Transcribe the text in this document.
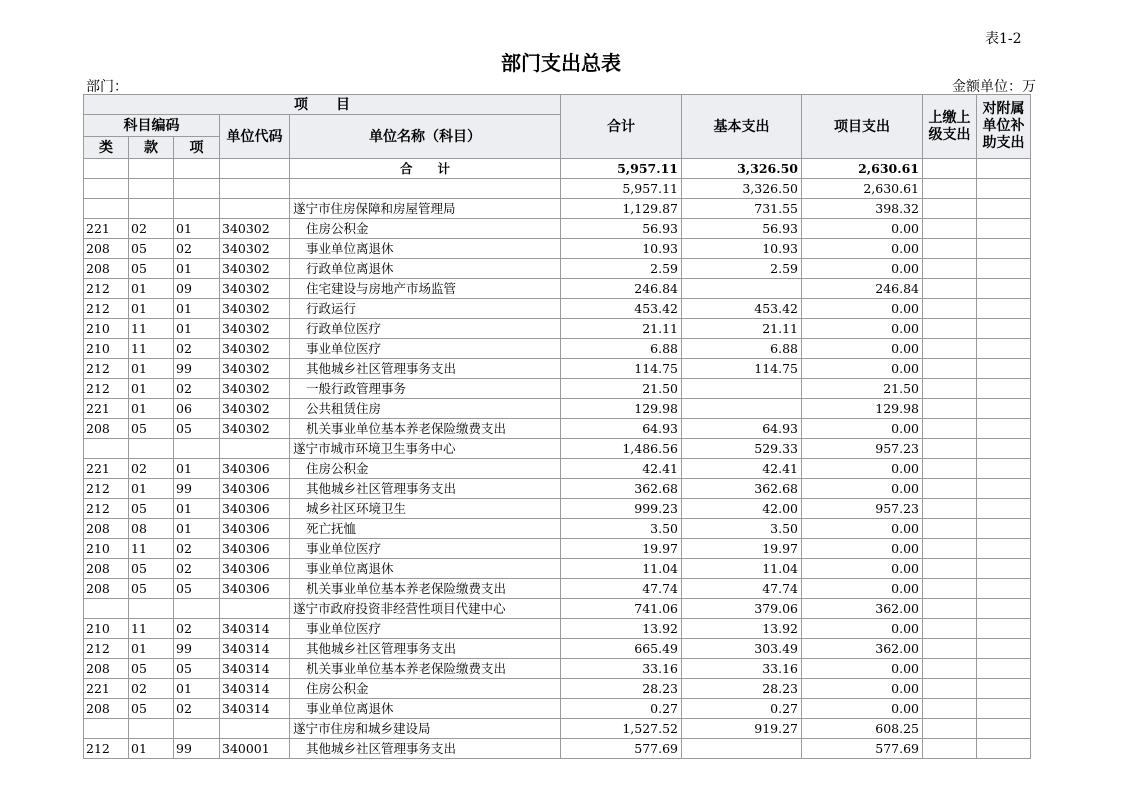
表1-2
部门支出总表
部门：	金额单位：万
项　　目					合计	基本支出	项目支出	上缴上级支出	对附属单位补助支出
科目编码			单位代码	单位名称（科目）					
类	款	项							
				合　　计	5,957.11	3,326.50	2,630.61		
					5,957.11	3,326.50	2,630.61		
				遂宁市住房保障和房屋管理局	1,129.87	731.55	398.32		
221	02	01	340302	住房公积金	56.93	56.93	0.00		
208	05	02	340302	事业单位离退休	10.93	10.93	0.00		
208	05	01	340302	行政单位离退休	2.59	2.59	0.00		
212	01	09	340302	住宅建设与房地产市场监管	246.84		246.84		
212	01	01	340302	行政运行	453.42	453.42	0.00		
210	11	01	340302	行政单位医疗	21.11	21.11	0.00		
210	11	02	340302	事业单位医疗	6.88	6.88	0.00		
212	01	99	340302	其他城乡社区管理事务支出	114.75	114.75	0.00		
212	01	02	340302	一般行政管理事务	21.50		21.50		
221	01	06	340302	公共租赁住房	129.98		129.98		
208	05	05	340302	机关事业单位基本养老保险缴费支出	64.93	64.93	0.00		
				遂宁市城市环境卫生事务中心	1,486.56	529.33	957.23		
221	02	01	340306	住房公积金	42.41	42.41	0.00		
212	01	99	340306	其他城乡社区管理事务支出	362.68	362.68	0.00		
212	05	01	340306	城乡社区环境卫生	999.23	42.00	957.23		
208	08	01	340306	死亡抚恤	3.50	3.50	0.00		
210	11	02	340306	事业单位医疗	19.97	19.97	0.00		
208	05	02	340306	事业单位离退休	11.04	11.04	0.00		
208	05	05	340306	机关事业单位基本养老保险缴费支出	47.74	47.74	0.00		
				遂宁市政府投资非经营性项目代建中心	741.06	379.06	362.00		
210	11	02	340314	事业单位医疗	13.92	13.92	0.00		
212	01	99	340314	其他城乡社区管理事务支出	665.49	303.49	362.00		
208	05	05	340314	机关事业单位基本养老保险缴费支出	33.16	33.16	0.00		
221	02	01	340314	住房公积金	28.23	28.23	0.00		
208	05	02	340314	事业单位离退休	0.27	0.27	0.00		
				遂宁市住房和城乡建设局	1,527.52	919.27	608.25		
212	01	99	340001	其他城乡社区管理事务支出	577.69		577.69		
